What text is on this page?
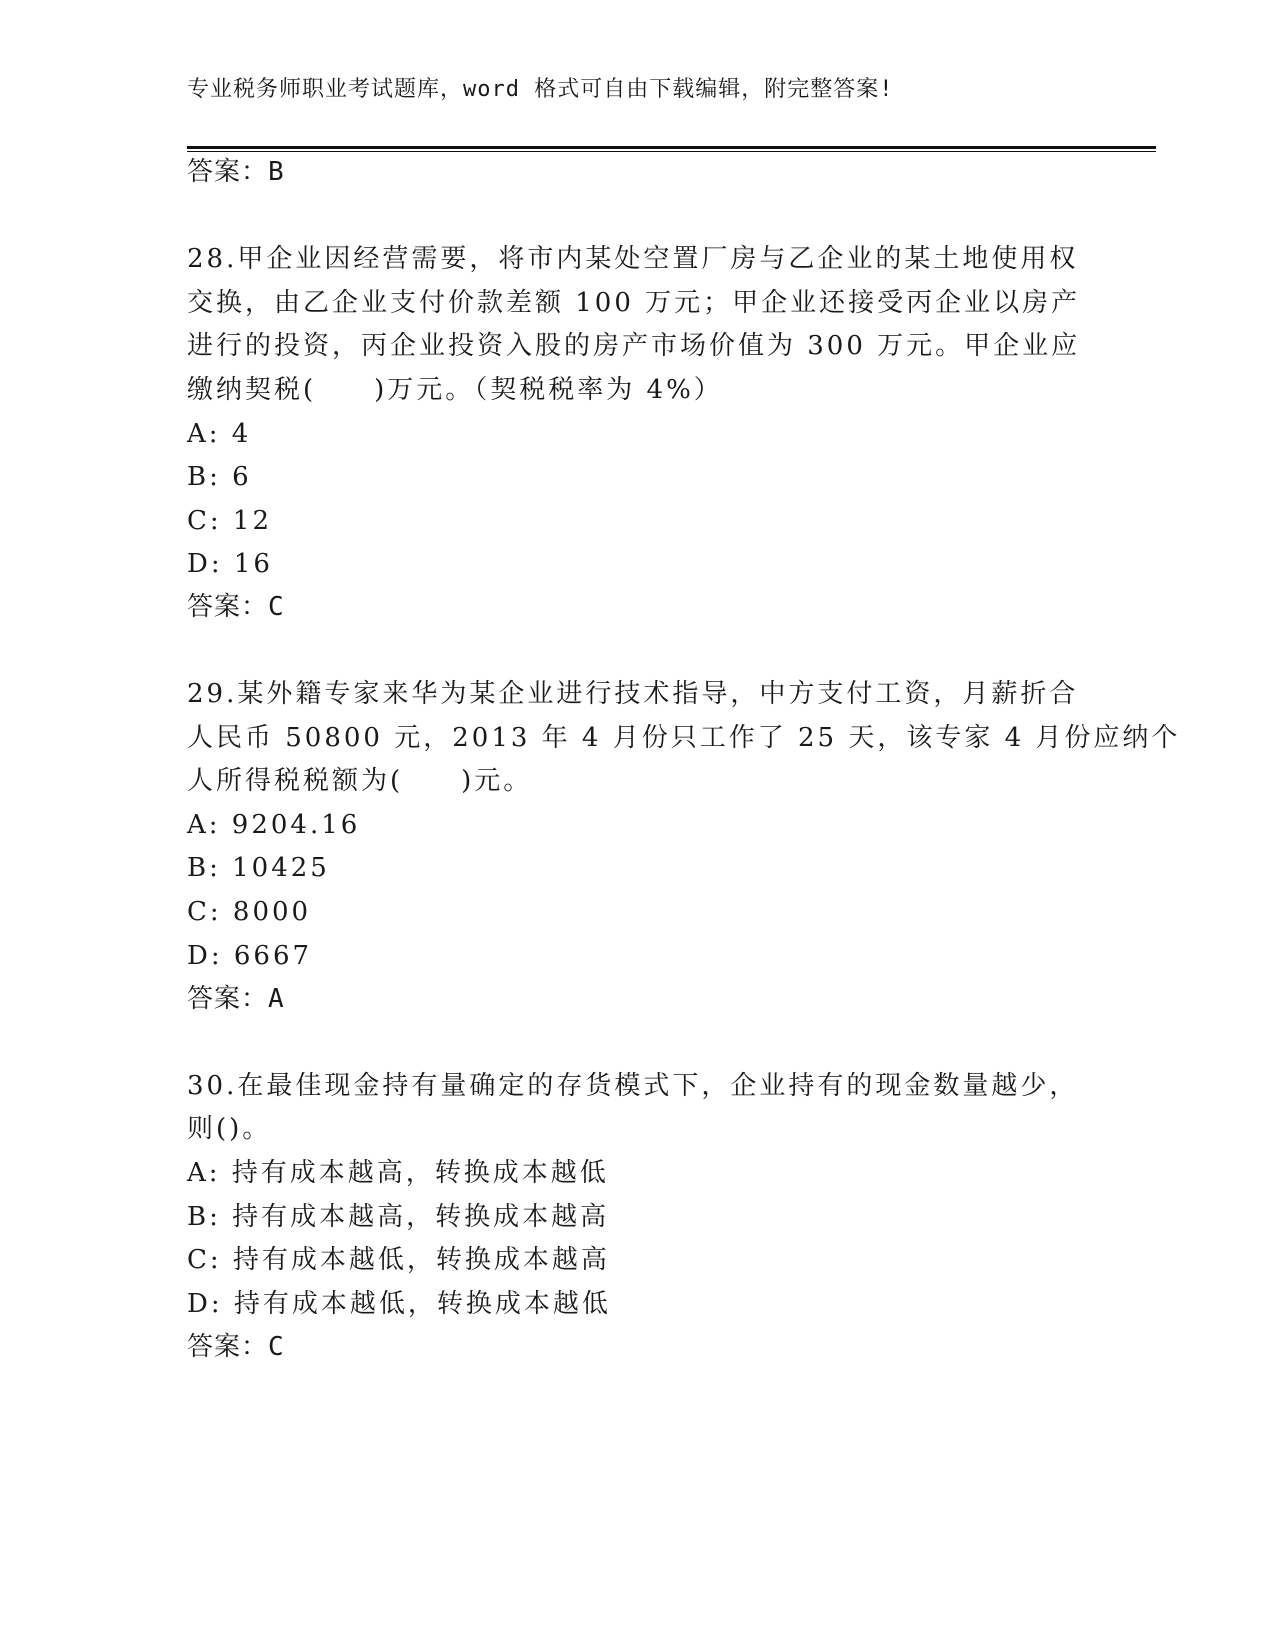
专业税务师职业考试题库，word 格式可自由下载编辑，附完整答案!
答案：B
28.甲企业因经营需要，将市内某处空置厂房与乙企业的某土地使用权
交换，由乙企业支付价款差额 100 万元；甲企业还接受丙企业以房产
进行的投资，丙企业投资入股的房产市场价值为 300 万元。甲企业应
缴纳契税(　　)万元。（契税税率为 4%）
A: 4
B: 6
C: 12
D: 16
答案：C
29.某外籍专家来华为某企业进行技术指导，中方支付工资，月薪折合
人民币 50800 元，2013 年 4 月份只工作了 25 天，该专家 4 月份应纳个
人所得税税额为(　　)元。
A: 9204.16
B: 10425
C: 8000
D: 6667
答案：A
30.在最佳现金持有量确定的存货模式下，企业持有的现金数量越少，
则()。
A: 持有成本越高，转换成本越低
B: 持有成本越高，转换成本越高
C: 持有成本越低，转换成本越高
D: 持有成本越低，转换成本越低
答案：C
